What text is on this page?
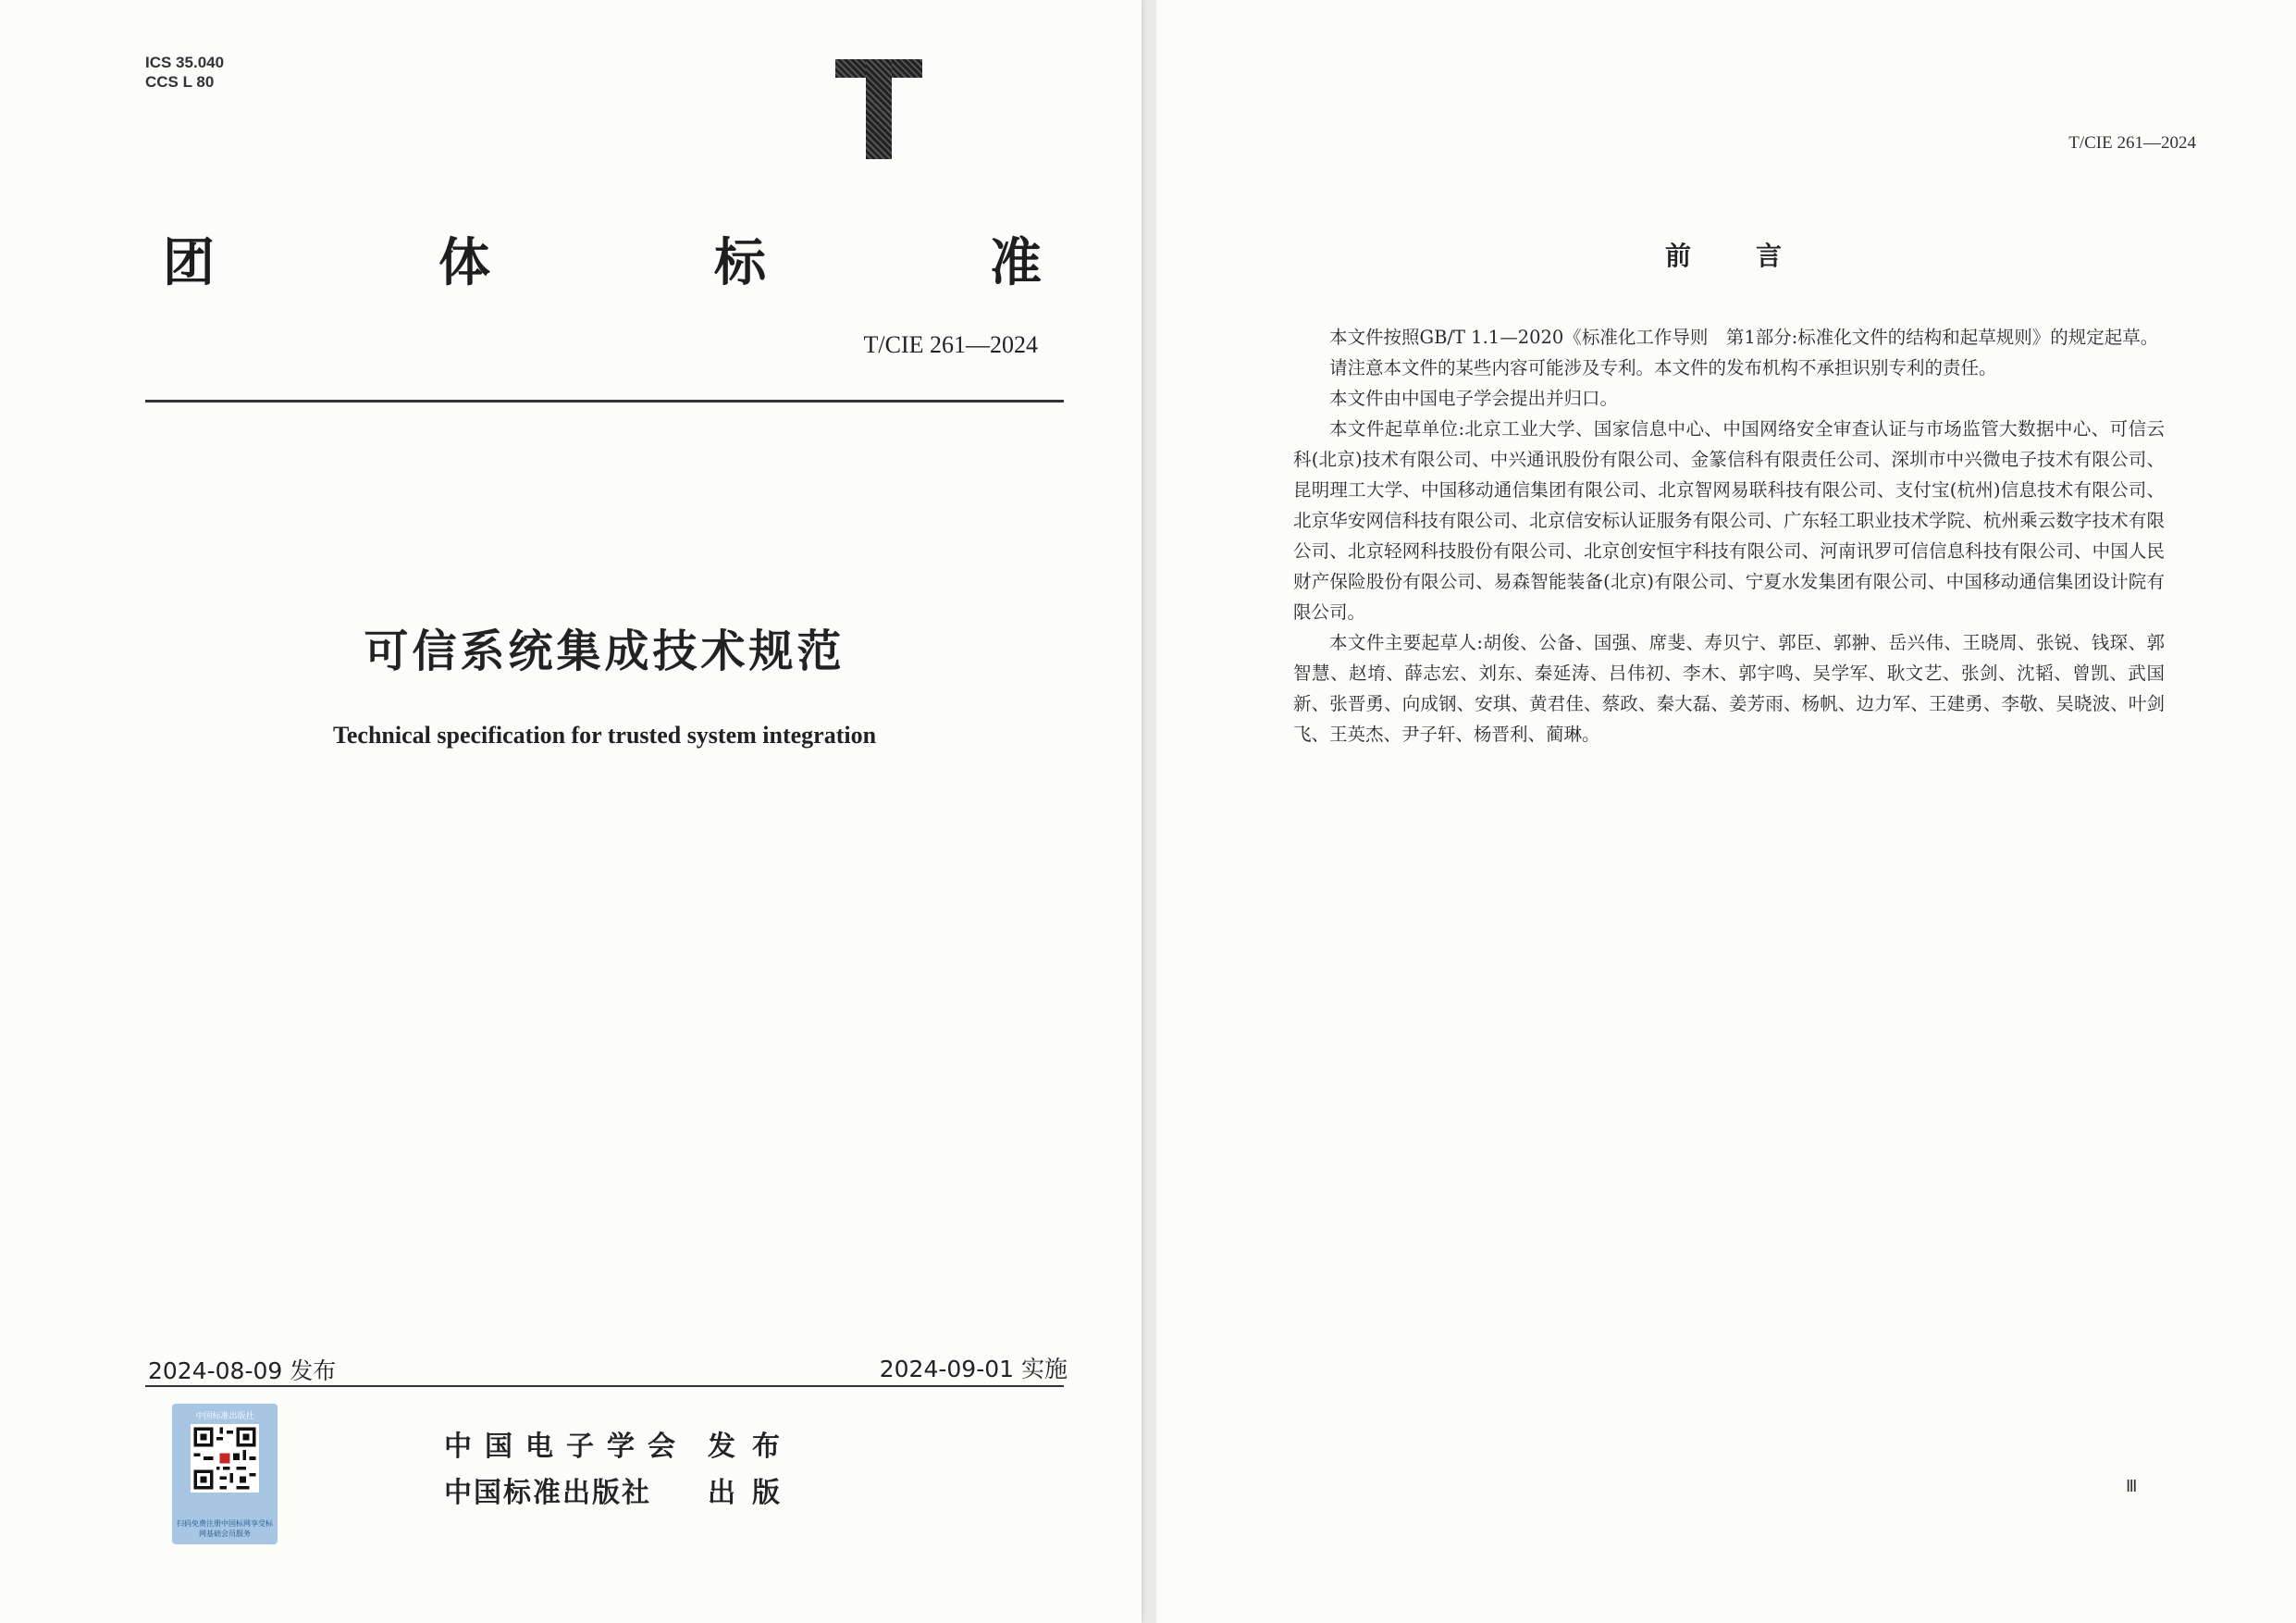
ICS 35.040
CCS L 80
团	体	标	准
T/CIE 261—2024
可信系统集成技术规范
Technical specification for trusted system integration
2024-08-09 发布	2024-09-01 实施
中国标准出版社
扫码免费注册中国标网享受标网基础会员服务
中国电子学会 发布
中国标准出版社 出版
T/CIE 261—2024
前言

本文件按照GB/T 1.1—2020《标准化工作导则　第1部分:标准化文件的结构和起草规则》的规定起草。

请注意本文件的某些内容可能涉及专利。本文件的发布机构不承担识别专利的责任。

本文件由中国电子学会提出并归口。

本文件起草单位:北京工业大学、国家信息中心、中国网络安全审查认证与市场监管大数据中心、可信云科(北京)技术有限公司、中兴通讯股份有限公司、金篆信科有限责任公司、深圳市中兴微电子技术有限公司、昆明理工大学、中国移动通信集团有限公司、北京智网易联科技有限公司、支付宝(杭州)信息技术有限公司、北京华安网信科技有限公司、北京信安标认证服务有限公司、广东轻工职业技术学院、杭州乘云数字技术有限公司、北京轻网科技股份有限公司、北京创安恒宇科技有限公司、河南讯罗可信信息科技有限公司、中国人民财产保险股份有限公司、易森智能装备(北京)有限公司、宁夏水发集团有限公司、中国移动通信集团设计院有限公司。

本文件主要起草人:胡俊、公备、国强、席斐、寿贝宁、郭臣、郭翀、岳兴伟、王晓周、张锐、钱琛、郭智慧、赵堉、薛志宏、刘东、秦延涛、吕伟初、李木、郭宇鸣、吴学军、耿文艺、张剑、沈韬、曾凯、武国新、张晋勇、向成钢、安琪、黄君佳、蔡政、秦大磊、姜芳雨、杨帆、边力军、王建勇、李敬、吴晓波、叶剑飞、王英杰、尹子轩、杨晋利、蔺琳。

Ⅲ
